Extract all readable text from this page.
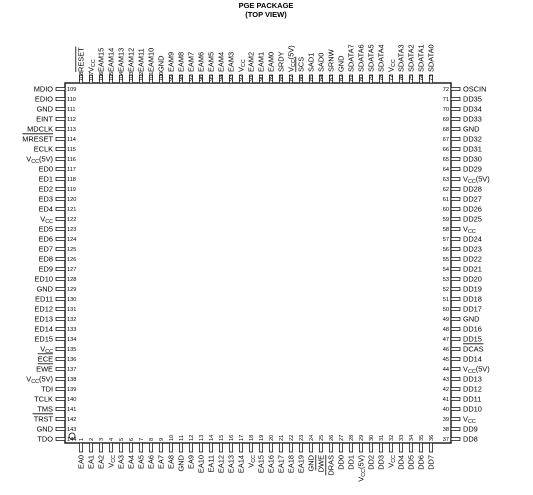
PGE PACKAGE
(TOP VIEW)
109
MDIO
110
EDIO
111
GND
112
EINT
113
MDCLK
114
MRESET
115
ECLK
116
$V_{CC}(5V)$
117
ED0
118
ED1
119
ED2
120
ED3
121
ED4
122
$V_{CC}$
123
ED5
124
ED6
125
ED7
126
ED8
127
ED9
128
ED10
129
GND
130
ED11
131
ED12
132
ED13
133
ED14
134
ED15
135
$V_{CC}$
136
ECE
137
EWE
138
$V_{CC}(5V)$
139
TDI
140
TCLK
141
TMS
142
TRST
143
GND
144
TDO
72 OSCIN
71 DD35
70 DD34
69 DD33
68 GND
67 DD32
66 DD31
65 DD30
64 DD29
63 $V_{CC}(5V)$
62 DD28
61 DD27
60 DD26
59 DD25
58 $V_{CC}$
57 DD24
56 DD23
55 DD22
54 DD21
53 DD20
52 DD19
51 DD18
50 DD17
49 GND
48 DD16
47 DD15
46 DCAS
45 DD14
44 $V_{CC}(5V)$
43 DD13
42 DD12
41 DD11
40 DD10
39 $V_{CC}$
38 DD9
37 DD8
108
RESET
107
$V_{CC}$
106
EAM15
105
EAM14
104
EAM13
103
EAM12
102
EAM11
101
EAM10
100
GND
99
EAM9
98
EAM8
97
EAM7
96
EAM6
95
EAM5
94
EAM4
93
EAM3
92
$V_{CC}$
91
EAM2
90
EAM1
89
EAM0
88
SRDY
87
$V_{CC}(5V)$
86
SCS
85
SAD1
84
SAD0
83
SRNW
82
GND
81
SDATA7
80
SDATA6
79
SDATA5
78
SDATA4
77
$V_{CC}$
76
SDATA3
75
SDATA2
74
SDATA1
73
SDATA0
1
EA0
2
EA1
3
EA2
4
$V_{CC}$
5
EA3
6
EA4
7
EA5
8
EA6
9
EA7
10
EA8
11
GND
12
EA9
13
EA10
14
EA11
15
EA12
16
EA13
17
EA14
18
$V_{CC}$
19
EA15
20
EA16
21
EA17
22
EA18
23
EA19
24
GND
25
DWE
26
DRAS
27
DD0
28
DD1
29
$V_{CC}(5V)$
30
DD2
31
DD3
32
$V_{CC}$
33
DD4
34
DD5
35
DD6
36
DD7
